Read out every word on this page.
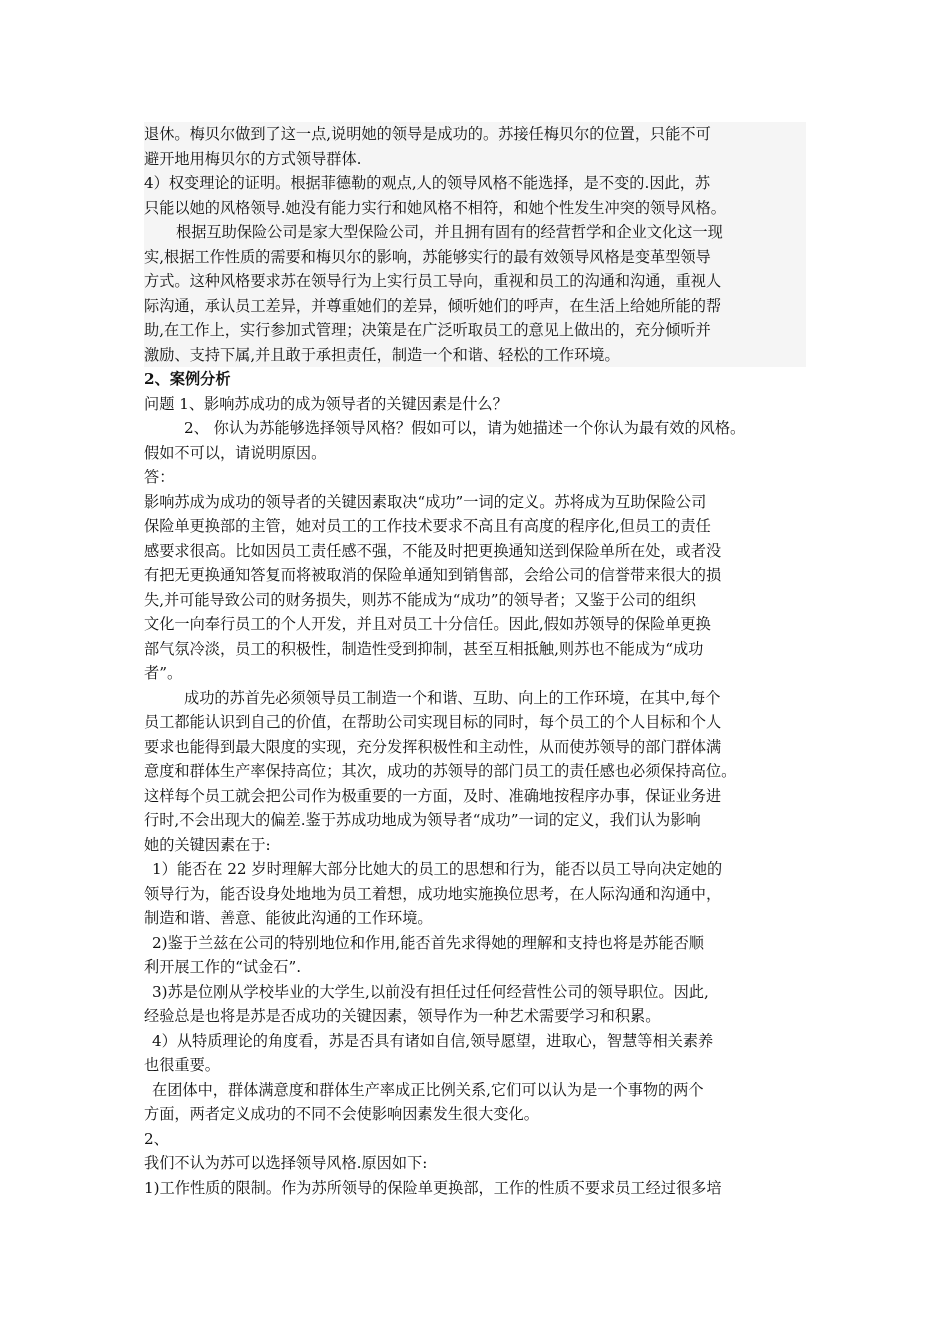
退休。梅贝尔做到了这一点,说明她的领导是成功的。苏接任梅贝尔的位置，只能不可
避开地用梅贝尔的方式领导群体.
4）权变理论的证明。根据菲德勒的观点,人的领导风格不能选择，是不变的.因此，苏
只能以她的风格领导.她没有能力实行和她风格不相符，和她个性发生冲突的领导风格。
根据互助保险公司是家大型保险公司，并且拥有固有的经营哲学和企业文化这一现
实,根据工作性质的需要和梅贝尔的影响，苏能够实行的最有效领导风格是变革型领导
方式。这种风格要求苏在领导行为上实行员工导向，重视和员工的沟通和沟通，重视人
际沟通，承认员工差异，并尊重她们的差异，倾听她们的呼声，在生活上给她所能的帮
助,在工作上，实行参加式管理；决策是在广泛听取员工的意见上做出的，充分倾听并
激励、支持下属,并且敢于承担责任，制造一个和谐、轻松的工作环境。
2、案例分析
问题 1、影响苏成功的成为领导者的关键因素是什么？
2、 你认为苏能够选择领导风格？假如可以，请为她描述一个你认为最有效的风格。
假如不可以，请说明原因。
答：
影响苏成为成功的领导者的关键因素取决“成功”一词的定义。苏将成为互助保险公司
保险单更换部的主管，她对员工的工作技术要求不高且有高度的程序化,但员工的责任
感要求很高。比如因员工责任感不强，不能及时把更换通知送到保险单所在处，或者没
有把无更换通知答复而将被取消的保险单通知到销售部，会给公司的信誉带来很大的损
失,并可能导致公司的财务损失，则苏不能成为“成功”的领导者；又鉴于公司的组织
文化一向奉行员工的个人开发，并且对员工十分信任。因此,假如苏领导的保险单更换
部气氛冷淡，员工的积极性，制造性受到抑制，甚至互相抵触,则苏也不能成为“成功
者”。
成功的苏首先必须领导员工制造一个和谐、互助、向上的工作环境，在其中,每个
员工都能认识到自己的价值，在帮助公司实现目标的同时，每个员工的个人目标和个人
要求也能得到最大限度的实现，充分发挥积极性和主动性，从而使苏领导的部门群体满
意度和群体生产率保持高位；其次，成功的苏领导的部门员工的责任感也必须保持高位。
这样每个员工就会把公司作为极重要的一方面，及时、准确地按程序办事，保证业务进
行时,不会出现大的偏差.鉴于苏成功地成为领导者“成功”一词的定义，我们认为影响
她的关键因素在于:
1）能否在 22 岁时理解大部分比她大的员工的思想和行为，能否以员工导向决定她的
领导行为，能否设身处地地为员工着想，成功地实施换位思考，在人际沟通和沟通中，
制造和谐、善意、能彼此沟通的工作环境。
2)鉴于兰兹在公司的特别地位和作用,能否首先求得她的理解和支持也将是苏能否顺
利开展工作的“试金石”.
3)苏是位刚从学校毕业的大学生,以前没有担任过任何经营性公司的领导职位。因此,
经验总是也将是苏是否成功的关键因素，领导作为一种艺术需要学习和积累。
4）从特质理论的角度看，苏是否具有诸如自信,领导愿望，进取心，智慧等相关素养
也很重要。
在团体中，群体满意度和群体生产率成正比例关系,它们可以认为是一个事物的两个
方面，两者定义成功的不同不会使影响因素发生很大变化。
2、
我们不认为苏可以选择领导风格.原因如下:
1)工作性质的限制。作为苏所领导的保险单更换部，工作的性质不要求员工经过很多培
